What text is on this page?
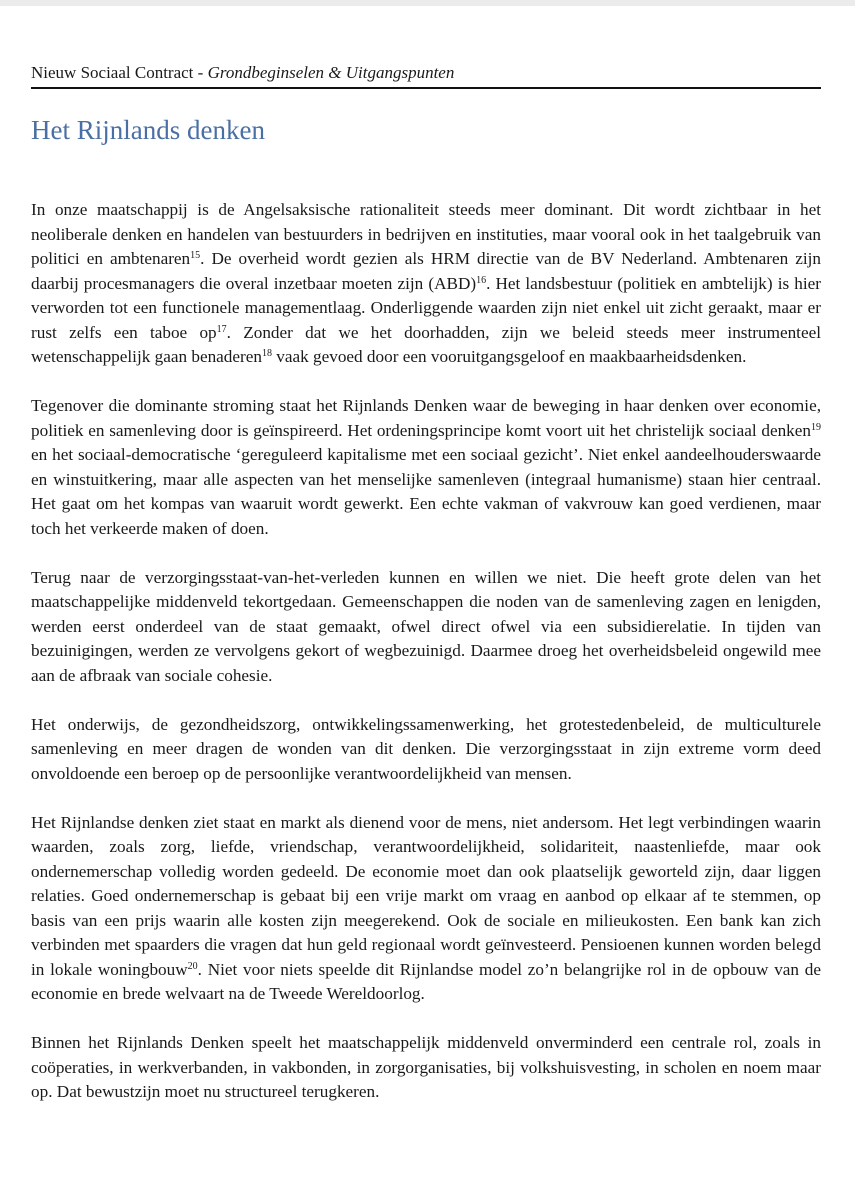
Nieuw Sociaal Contract - Grondbeginselen & Uitgangspunten
Het Rijnlands denken

In onze maatschappij is de Angelsaksische rationaliteit steeds meer dominant. Dit wordt zichtbaar in het neoliberale denken en handelen van bestuurders in bedrijven en instituties, maar vooral ook in het taalgebruik van politici en ambtenaren$^{15}$. De overheid wordt gezien als HRM directie van de BV Nederland. Ambtenaren zijn daarbij procesmanagers die overal inzetbaar moeten zijn (ABD)$^{16}$. Het landsbestuur (politiek en ambtelijk) is hier verworden tot een functionele managementlaag. Onderliggende waarden zijn niet enkel uit zicht geraakt, maar er rust zelfs een taboe $op^{17}$. Zonder dat we het doorhadden, zijn we beleid steeds meer instrumenteel wetenschappelijk gaan benaderen$^{18}$ vaak gevoed door een vooruitgangsgeloof en maakbaarheidsdenken.

Tegenover die dominante stroming staat het Rijnlands Denken waar de beweging in haar denken over economie, politiek en samenleving door is geïnspireerd. Het ordeningsprincipe komt voort uit het christelijk sociaal denken$^{19}$ en het sociaal-democratische ‘gereguleerd kapitalisme met een sociaal gezicht’. Niet enkel aandeelhouderswaarde en winstuitkering, maar alle aspecten van het menselijke samenleven (integraal humanisme) staan hier centraal. Het gaat om het kompas van waaruit wordt gewerkt. Een echte vakman of vakvrouw kan goed verdienen, maar toch het verkeerde maken of doen.

Terug naar de verzorgingsstaat-van-het-verleden kunnen en willen we niet. Die heeft grote delen van het maatschappelijke middenveld tekortgedaan. Gemeenschappen die noden van de samenleving zagen en lenigden, werden eerst onderdeel van de staat gemaakt, ofwel direct ofwel via een subsidierelatie. In tijden van bezuinigingen, werden ze vervolgens gekort of wegbezuinigd. Daarmee droeg het overheidsbeleid ongewild mee aan de afbraak van sociale cohesie.

Het onderwijs, de gezondheidszorg, ontwikkelingssamenwerking, het grotestedenbeleid, de multiculturele samenleving en meer dragen de wonden van dit denken. Die verzorgingsstaat in zijn extreme vorm deed onvoldoende een beroep op de persoonlijke verantwoordelijkheid van mensen.

Het Rijnlandse denken ziet staat en markt als dienend voor de mens, niet andersom. Het legt verbindingen waarin waarden, zoals zorg, liefde, vriendschap, verantwoordelijkheid, solidariteit, naastenliefde, maar ook ondernemerschap volledig worden gedeeld. De economie moet dan ook plaatselijk geworteld zijn, daar liggen relaties. Goed ondernemerschap is gebaat bij een vrije markt om vraag en aanbod op elkaar af te stemmen, op basis van een prijs waarin alle kosten zijn meegerekend. Ook de sociale en milieukosten. Een bank kan zich verbinden met spaarders die vragen dat hun geld regionaal wordt geïnvesteerd. Pensioenen kunnen worden belegd in lokale woningbouw$^{20}$. Niet voor niets speelde dit Rijnlandse model zo’n belangrijke rol in de opbouw van de economie en brede welvaart na de Tweede Wereldoorlog.

Binnen het Rijnlands Denken speelt het maatschappelijk middenveld onverminderd een centrale rol, zoals in coöperaties, in werkverbanden, in vakbonden, in zorgorganisaties, bij volkshuisvesting, in scholen en noem maar op. Dat bewustzijn moet nu structureel terugkeren.
